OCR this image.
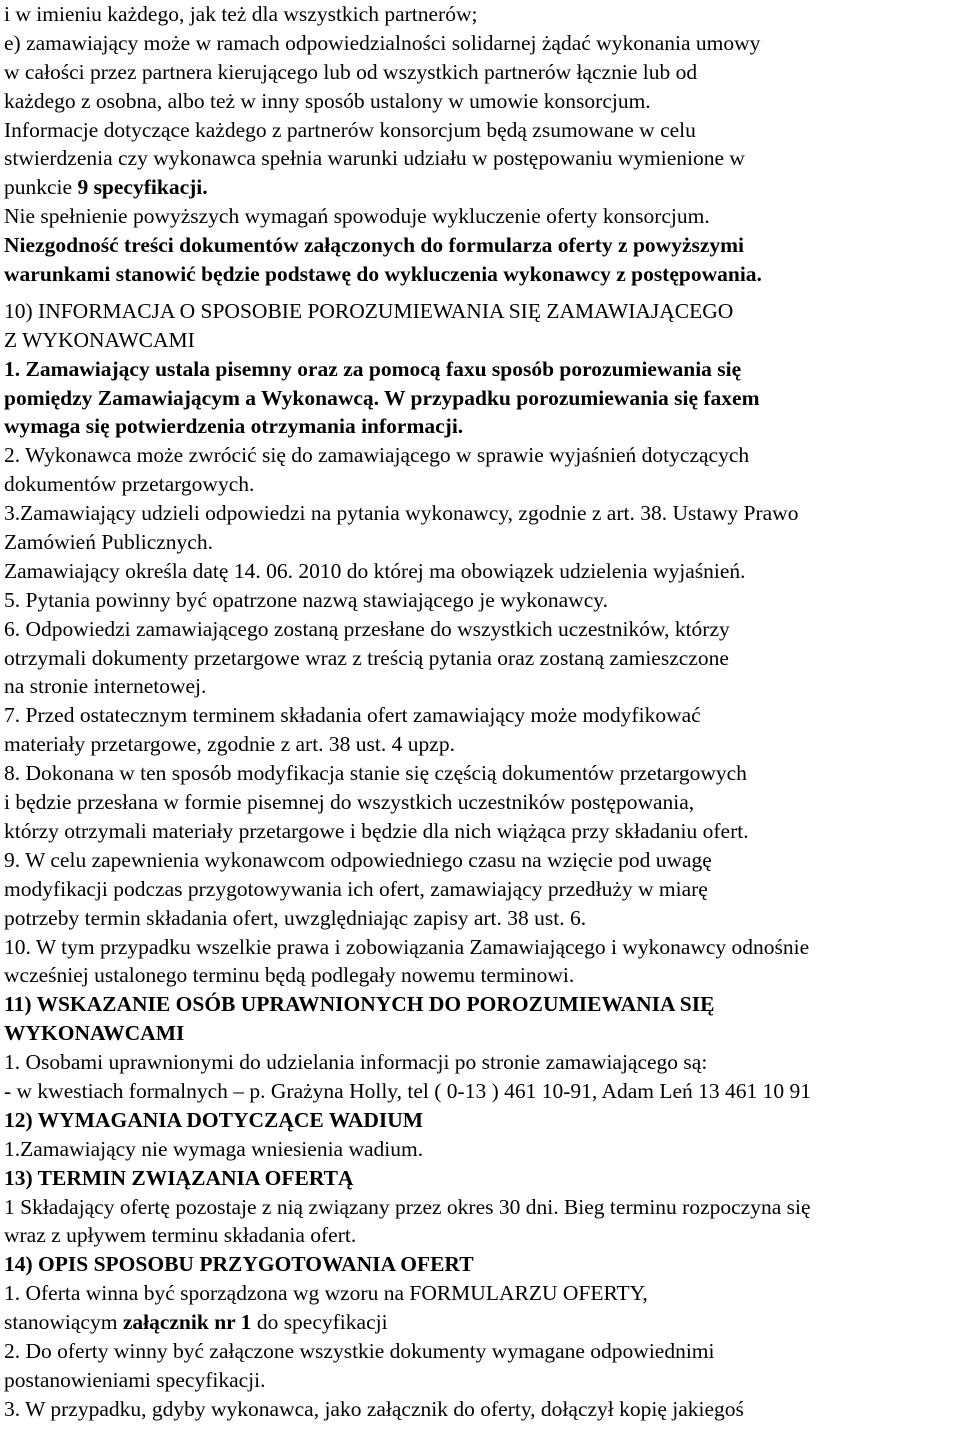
i w imieniu każdego, jak też dla wszystkich partnerów;
e) zamawiający może w ramach odpowiedzialności solidarnej żądać wykonania umowy
w całości przez partnera kierującego lub od wszystkich partnerów łącznie lub od
każdego z osobna, albo też w inny sposób ustalony w umowie konsorcjum.
Informacje dotyczące każdego z partnerów konsorcjum będą zsumowane w celu
stwierdzenia czy wykonawca spełnia warunki udziału w postępowaniu wymienione w
punkcie 9 specyfikacji.
Nie spełnienie powyższych wymagań spowoduje wykluczenie oferty konsorcjum.
Niezgodność treści dokumentów załączonych do formularza oferty z powyższymi
warunkami stanowić będzie podstawę do wykluczenia wykonawcy z postępowania.
10) INFORMACJA O SPOSOBIE POROZUMIEWANIA SIĘ ZAMAWIAJĄCEGO
Z WYKONAWCAMI
1. Zamawiający ustala pisemny oraz za pomocą faxu sposób porozumiewania się
pomiędzy Zamawiającym a Wykonawcą. W przypadku porozumiewania się faxem
wymaga się potwierdzenia otrzymania informacji.
2. Wykonawca może zwrócić się do zamawiającego w sprawie wyjaśnień dotyczących
dokumentów przetargowych.
3.Zamawiający udzieli odpowiedzi na pytania wykonawcy, zgodnie z art. 38. Ustawy Prawo
Zamówień Publicznych.
Zamawiający określa datę 14. 06. 2010 do której ma obowiązek udzielenia wyjaśnień.
5. Pytania powinny być opatrzone nazwą stawiającego je wykonawcy.
6. Odpowiedzi zamawiającego zostaną przesłane do wszystkich uczestników, którzy
otrzymali dokumenty przetargowe wraz z treścią pytania oraz zostaną zamieszczone
na stronie internetowej.
7. Przed ostatecznym terminem składania ofert zamawiający może modyfikować
materiały przetargowe, zgodnie z art. 38 ust. 4 upzp.
8. Dokonana w ten sposób modyfikacja stanie się częścią dokumentów przetargowych
i będzie przesłana w formie pisemnej do wszystkich uczestników postępowania,
którzy otrzymali materiały przetargowe i będzie dla nich wiążąca przy składaniu ofert.
9. W celu zapewnienia wykonawcom odpowiedniego czasu na wzięcie pod uwagę
modyfikacji podczas przygotowywania ich ofert, zamawiający przedłuży w miarę
potrzeby termin składania ofert, uwzględniając zapisy art. 38 ust. 6.
10. W tym przypadku wszelkie prawa i zobowiązania Zamawiającego i wykonawcy odnośnie
wcześniej ustalonego terminu będą podlegały nowemu terminowi.
11) WSKAZANIE OSÓB UPRAWNIONYCH DO POROZUMIEWANIA SIĘ
WYKONAWCAMI
1. Osobami uprawnionymi do udzielania informacji po stronie zamawiającego są:
- w kwestiach formalnych – p. Grażyna Holly, tel ( 0-13 ) 461 10-91, Adam Leń 13 461 10 91
12) WYMAGANIA DOTYCZĄCE WADIUM
1.Zamawiający nie wymaga wniesienia wadium.
13) TERMIN ZWIĄZANIA OFERTĄ
1 Składający ofertę pozostaje z nią związany przez okres 30 dni. Bieg terminu rozpoczyna się
wraz z upływem terminu składania ofert.
14) OPIS SPOSOBU PRZYGOTOWANIA OFERT
1. Oferta winna być sporządzona wg wzoru na FORMULARZU OFERTY,
stanowiącym załącznik nr 1 do specyfikacji
2. Do oferty winny być załączone wszystkie dokumenty wymagane odpowiednimi
postanowieniami specyfikacji.
3. W przypadku, gdyby wykonawca, jako załącznik do oferty, dołączył kopię jakiegoś
